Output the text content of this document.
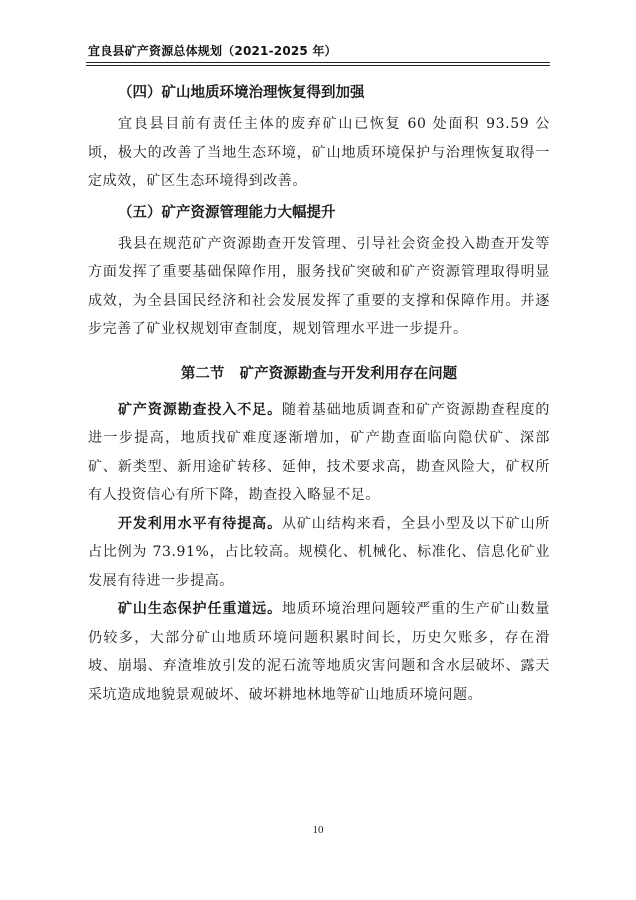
宜良县矿产资源总体规划（2021-2025 年）
（四）矿山地质环境治理恢复得到加强

宜良县目前有责任主体的废弃矿山已恢复 60 处面积 93.59 公顷，极大的改善了当地生态环境，矿山地质环境保护与治理恢复取得一定成效，矿区生态环境得到改善。

（五）矿产资源管理能力大幅提升

我县在规范矿产资源勘查开发管理、引导社会资金投入勘查开发等方面发挥了重要基础保障作用，服务找矿突破和矿产资源管理取得明显成效，为全县国民经济和社会发展发挥了重要的支撑和保障作用。并逐步完善了矿业权规划审查制度，规划管理水平进一步提升。

第二节   矿产资源勘查与开发利用存在问题

矿产资源勘查投入不足。随着基础地质调查和矿产资源勘查程度的进一步提高，地质找矿难度逐渐增加，矿产勘查面临向隐伏矿、深部矿、新类型、新用途矿转移、延伸，技术要求高，勘查风险大，矿权所有人投资信心有所下降，勘查投入略显不足。

开发利用水平有待提高。从矿山结构来看，全县小型及以下矿山所占比例为 73.91%，占比较高。规模化、机械化、标准化、信息化矿业发展有待进一步提高。

矿山生态保护任重道远。地质环境治理问题较严重的生产矿山数量仍较多，大部分矿山地质环境问题积累时间长，历史欠账多，存在滑坡、崩塌、弃渣堆放引发的泥石流等地质灾害问题和含水层破坏、露天采坑造成地貌景观破坏、破坏耕地林地等矿山地质环境问题。

10
